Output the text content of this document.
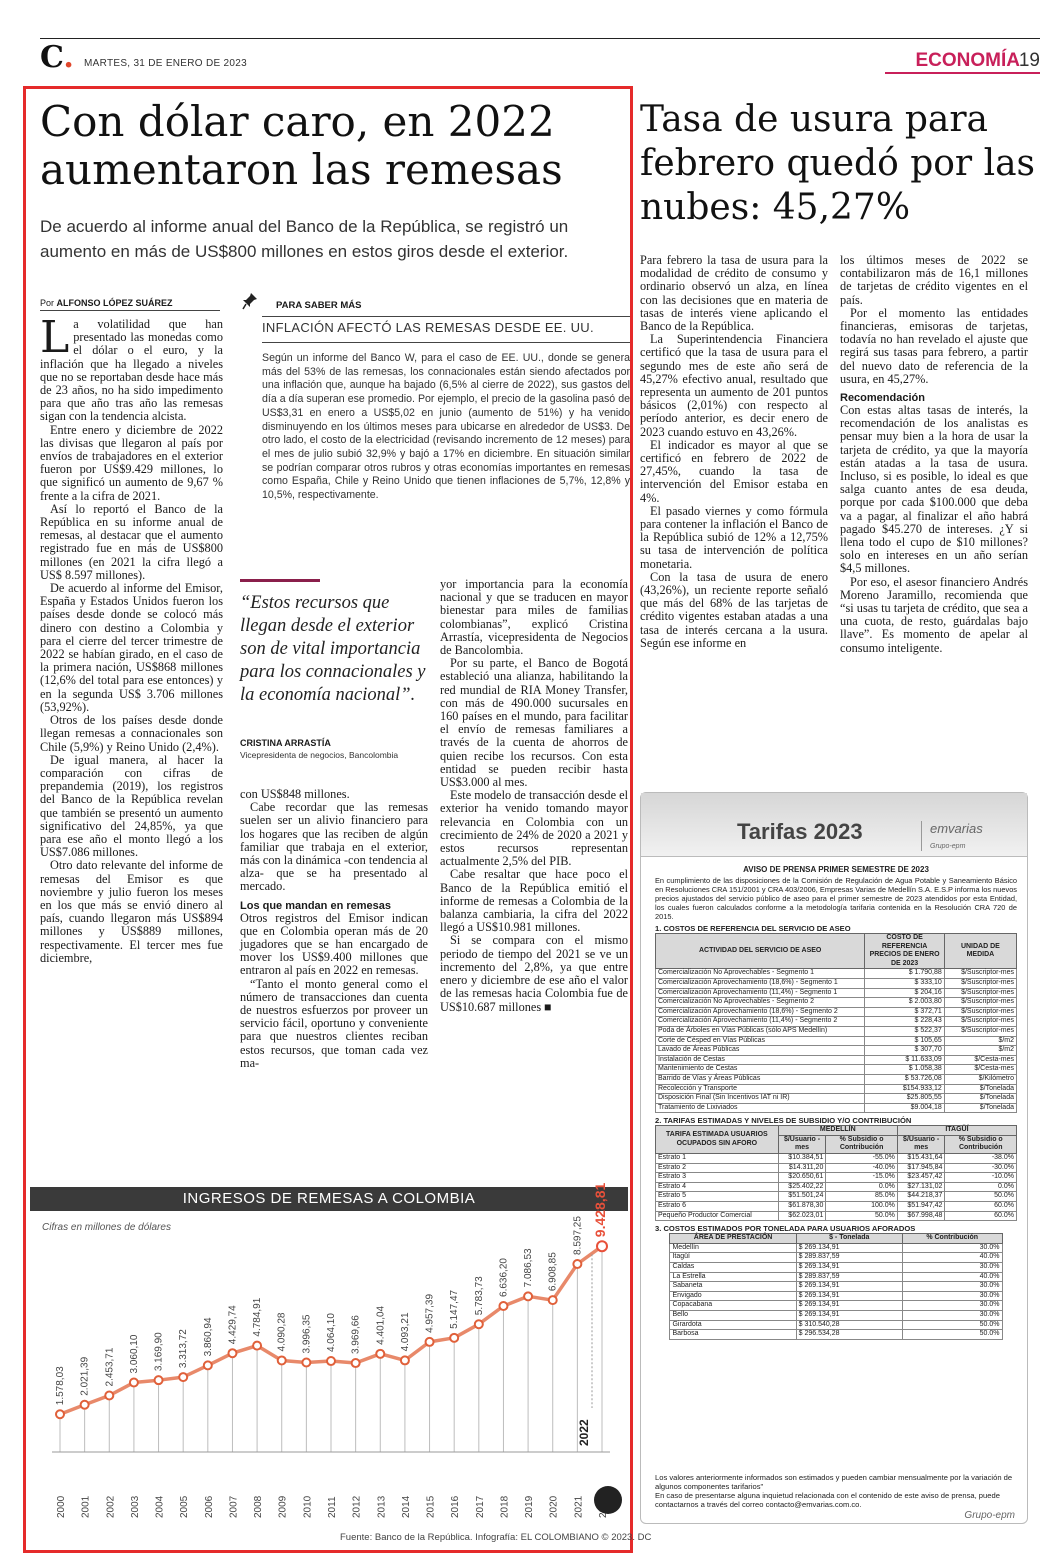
C. MARTES, 31 DE ENERO DE 2023	ECONOMÍA
19
Con dólar caro, en 2022 aumentaron las remesas
De acuerdo al informe anual del Banco de la República, se registró un aumento en más de US$800 millones en estos giros desde el exterior.
Por ALFONSO LÓPEZ SUÁREZ

La volatilidad que han presentado las monedas como el dólar o el euro, y la inflación que ha llegado a niveles que no se reportaban desde hace más de 23 años, no ha sido impedimento para que año tras año las remesas sigan con la tendencia alcista.

Entre enero y diciembre de 2022 las divisas que llegaron al país por envíos de trabajadores en el exterior fueron por US$9.429 millones, lo que significó un aumento de 9,67 % frente a la cifra de 2021.

Así lo reportó el Banco de la República en su informe anual de remesas, al destacar que el aumento registrado fue en más de US$800 millones (en 2021 la cifra llegó a US$ 8.597 millones).

De acuerdo al informe del Emisor, España y Estados Unidos fueron los países desde donde se colocó más dinero con destino a Colombia y para el cierre del tercer trimestre de 2022 se habían girado, en el caso de la primera nación, US$868 millones (12,6% del total para ese entonces) y en la segunda US$ 3.706 millones (53,92%).

Otros de los países desde donde llegan remesas a connacionales son Chile (5,9%) y Reino Unido (2,4%).

De igual manera, al hacer la comparación con cifras de prepandemia (2019), los registros del Banco de la República revelan que también se presentó un aumento significativo del 24,85%, ya que para ese año el monto llegó a los US$7.086 millones.

Otro dato relevante del informe de remesas del Emisor es que noviembre y julio fueron los meses en los que más se envió dinero al país, cuando llegaron más US$894 millones y US$889 millones, respectivamente. El tercer mes fue diciembre,

PARA SABER MÁS
INFLACIÓN AFECTÓ LAS REMESAS DESDE EE. UU.
Según un informe del Banco W, para el caso de EE. UU., donde se genera más del 53% de las remesas, los connacionales están siendo afectados por una inflación que, aunque ha bajado (6,5% al cierre de 2022), sus gastos del día a día superan ese promedio. Por ejemplo, el precio de la gasolina pasó de US$3,31 en enero a US$5,02 en junio (aumento de 51%) y ha venido disminuyendo en los últimos meses para ubicarse en alrededor de US$3. De otro lado, el costo de la electricidad (revisando incremento de 12 meses) para el mes de julio subió 32,9% y bajó a 17% en diciembre. En situación similar se podrían comparar otros rubros y otras economías importantes en remesas como España, Chile y Reino Unido que tienen inflaciones de 5,7%, 12,8% y 10,5%, respectivamente.
“Estos recursos que llegan desde el exterior son de vital importancia para los connacionales y la economía nacional”.
CRISTINA ARRASTÍA
Vicepresidenta de negocios, Bancolombia

con US$848 millones.

Cabe recordar que las remesas suelen ser un alivio financiero para los hogares que las reciben de algún familiar que trabaja en el exterior, más con la dinámica -con tendencia al alza- que se ha presentado al mercado.

Los que mandan en remesas

Otros registros del Emisor indican que en Colombia operan más de 20 jugadores que se han encargado de mover los US$9.400 millones que entraron al país en 2022 en remesas.

“Tanto el monto general como el número de transacciones dan cuenta de nuestros esfuerzos por proveer un servicio fácil, oportuno y conveniente para que nuestros clientes reciban estos recursos, que toman cada vez ma-

yor importancia para la economía nacional y que se traducen en mayor bienestar para miles de familias colombianas”, explicó Cristina Arrastía, vicepresidenta de Negocios de Bancolombia.

Por su parte, el Banco de Bogotá estableció una alianza, habilitando la red mundial de RIA Money Transfer, con más de 490.000 sucursales en 160 países en el mundo, para facilitar el envío de remesas familiares a través de la cuenta de ahorros de quien recibe los recursos. Con esta entidad se pueden recibir hasta US$3.000 al mes.

Este modelo de transacción desde el exterior ha venido tomando mayor relevancia en Colombia con un crecimiento de 24% de 2020 a 2021 y estos recursos representan actualmente 2,5% del PIB.

Cabe resaltar que hace poco el Banco de la República emitió el informe de remesas a Colombia de la balanza cambiaria, la cifra del 2022 llegó a US$10.981 millones.

Si se compara con el mismo periodo de tiempo del 2021 se ve un incremento del 2,8%, ya que entre enero y diciembre de ese año el valor de las remesas hacia Colombia fue de US$10.687 millones ■

INGRESOS DE REMESAS A COLOMBIA
Cifras en millones de dólares
1.578,03
2000
2.021,39
2001
2.453,71
2002
3.060,10
2003
3.169,90
2004
3.313,72
2005
3.860,94
2006
4.429,74
2007
4.784,91
2008
4.090,28
2009
3.996,35
2010
4.064,10
2011
3.969,66
2012
4.401,04
2013
4.093,21
2014
4.957,39
2015
5.147,47
2016
5.783,73
2017
6.636,20
2018
7.086,53
2019
6.908,85
2020
8.597,25
2021
9.428,81
2022
Fuente: Banco de la República. Infografía: EL COLOMBIANO © 2023. DC
Tasa de usura para febrero quedó por las nubes: 45,27%

Para febrero la tasa de usura para la modalidad de crédito de consumo y ordinario observó un alza, en línea con las decisiones que en materia de tasas de interés viene aplicando el Banco de la República.

La Superintendencia Financiera certificó que la tasa de usura para el segundo mes de este año será de 45,27% efectivo anual, resultado que representa un aumento de 201 puntos básicos (2,01%) con respecto al período anterior, es decir enero de 2023 cuando estuvo en 43,26%.

El indicador es mayor al que se certificó en febrero de 2022 de 27,45%, cuando la tasa de intervención del Emisor estaba en 4%.

El pasado viernes y como fórmula para contener la inflación el Banco de la República subió de 12% a 12,75% su tasa de intervención de política monetaria.

Con la tasa de usura de enero (43,26%), un reciente reporte señaló que más del 68% de las tarjetas de crédito vigentes estaban atadas a una tasa de interés cercana a la usura. Según ese informe en

los últimos meses de 2022 se contabilizaron más de 16,1 millones de tarjetas de crédito vigentes en el país.

Por el momento las entidades financieras, emisoras de tarjetas, todavía no han revelado el ajuste que regirá sus tasas para febrero, a partir del nuevo dato de referencia de la usura, en 45,27%.

Recomendación

Con estas altas tasas de interés, la recomendación de los analistas es pensar muy bien a la hora de usar la tarjeta de crédito, ya que la mayoría están atadas a la tasa de usura. Incluso, si es posible, lo ideal es que salga cuanto antes de esa deuda, porque por cada $100.000 que deba va a pagar, al finalizar el año habrá pagado $45.270 de intereses. ¿Y si llena todo el cupo de $10 millones? solo en intereses en un año serían $4,5 millones.

Por eso, el asesor financiero Andrés Moreno Jaramillo, recomienda que “si usas tu tarjeta de crédito, que sea a una cuota, de resto, guárdalas bajo llave”. Es momento de apelar al consumo inteligente.

Tarifas 2023	emvarias
Grupo-epm
AVISO DE PRENSA PRIMER SEMESTRE DE 2023
En cumplimiento de las disposiciones de la Comisión de Regulación de Agua Potable y Saneamiento Básico en Resoluciones CRA 151/2001 y CRA 403/2006, Empresas Varias de Medellín S.A. E.S.P informa los nuevos precios ajustados del servicio público de aseo para el primer semestre de 2023 atendidos por esta Entidad, los cuales fueron calculados conforme a la metodología tarifaria contenida en la Resolución CRA 720 de 2015.
1. COSTOS DE REFERENCIA DEL SERVICIO DE ASEO
ACTIVIDAD DEL SERVICIO DE ASEO	COSTO DE REFERENCIA PRECIOS DE ENERO DE 2023	UNIDAD DE MEDIDA
Comercialización No Aprovechables - Segmento 1	$ 1.790,88	$/Suscriptor-mes
Comercialización Aprovechamiento (18,6%) - Segmento 1	$ 333,10	$/Suscriptor-mes
Comercialización Aprovechamiento (11,4%) - Segmento 1	$ 204,16	$/Suscriptor-mes
Comercialización No Aprovechables - Segmento 2	$ 2.003,80	$/Suscriptor-mes
Comercialización Aprovechamiento (18,6%) - Segmento 2	$ 372,71	$/Suscriptor-mes
Comercialización Aprovechamiento (11,4%) - Segmento 2	$ 228,43	$/Suscriptor-mes
Poda de Árboles en Vías Públicas (sólo APS Medellín)	$ 522,37	$/Suscriptor-mes
Corte de Césped en Vías Públicas	$ 105,65	$/m2
Lavado de Áreas Públicas	$ 307,70	$/m2
Instalación de Cestas	$ 11.633,09	$/Cesta-mes
Mantenimiento de Cestas	$ 1.058,38	$/Cesta-mes
Barrido de Vías y Áreas Públicas	$ 53.726,08	$/Kilómetro
Recolección y Transporte	$154.933,12	$/Tonelada
Disposición Final (Sin Incentivos IAT ni IR)	$25.805,55	$/Tonelada
Tratamiento de Lixiviados	$9.004,18	$/Tonelada
2. TARIFAS ESTIMADAS Y NIVELES DE SUBSIDIO Y/O CONTRIBUCIÓN
TARIFA ESTIMADA USUARIOS OCUPADOS SIN AFORO	MEDELLÍN		ITAGÜÍ	
	$/Usuario -mes	% Subsidio o Contribución	$/Usuario -mes	% Subsidio o Contribución
Estrato 1	$10.384,51	-55.0%	$15.431,64	-38.0%
Estrato 2	$14.311,20	-40.0%	$17.945,84	-30.0%
Estrato 3	$20.650,61	-15.0%	$23.457,42	-10.0%
Estrato 4	$25.402,22	0.0%	$27.131,02	0.0%
Estrato 5	$51.501,24	85.0%	$44.218,37	50.0%
Estrato 6	$61.878,30	100.0%	$51.947,42	60.0%
Pequeño Productor Comercial	$62.023,01	50.0%	$67.998,48	60.0%
3. COSTOS ESTIMADOS POR TONELADA PARA USUARIOS AFORADOS
ÁREA DE PRESTACIÓN	$ - Tonelada	% Contribución
Medellín	$ 269.134,91	30.0%
Itagüí	$ 289.837,59	40.0%
Caldas	$ 269.134,91	30.0%
La Estrella	$ 289.837,59	40.0%
Sabaneta	$ 269.134,91	30.0%
Envigado	$ 269.134,91	30.0%
Copacabana	$ 269.134,91	30.0%
Bello	$ 269.134,91	30.0%
Girardota	$ 310.540,28	50.0%
Barbosa	$ 296.534,28	50.0%
Los valores anteriormente informados son estimados y pueden cambiar mensualmente por la variación de algunos componentes tarifarios"
En caso de presentarse alguna inquietud relacionada con el contenido de este aviso de prensa, puede contactarnos a través del correo contacto@emvarias.com.co.
Grupo-epm
